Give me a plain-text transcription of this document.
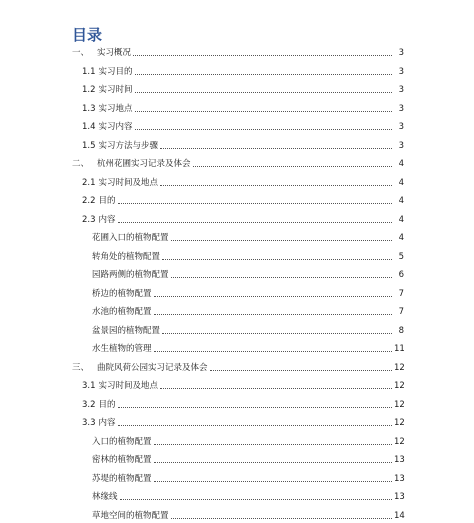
目录
一、 实习概况	3
1.1 实习目的	3
1.2 实习时间	3
1.3 实习地点	3
1.4 实习内容	3
1.5 实习方法与步骤	3
二、 杭州花圃实习记录及体会	4
2.1 实习时间及地点	4
2.2 目的	4
2.3 内容	4
花圃入口的植物配置	4
转角处的植物配置	5
园路两侧的植物配置	6
桥边的植物配置	7
水池的植物配置	7
盆景园的植物配置	8
水生植物的管理	11
三、 曲院风荷公园实习记录及体会	12
3.1 实习时间及地点	12
3.2 目的	12
3.3 内容	12
入口的植物配置	12
密林的植物配置	13
苏堤的植物配置	13
林缘线	13
草地空间的植物配置	14
